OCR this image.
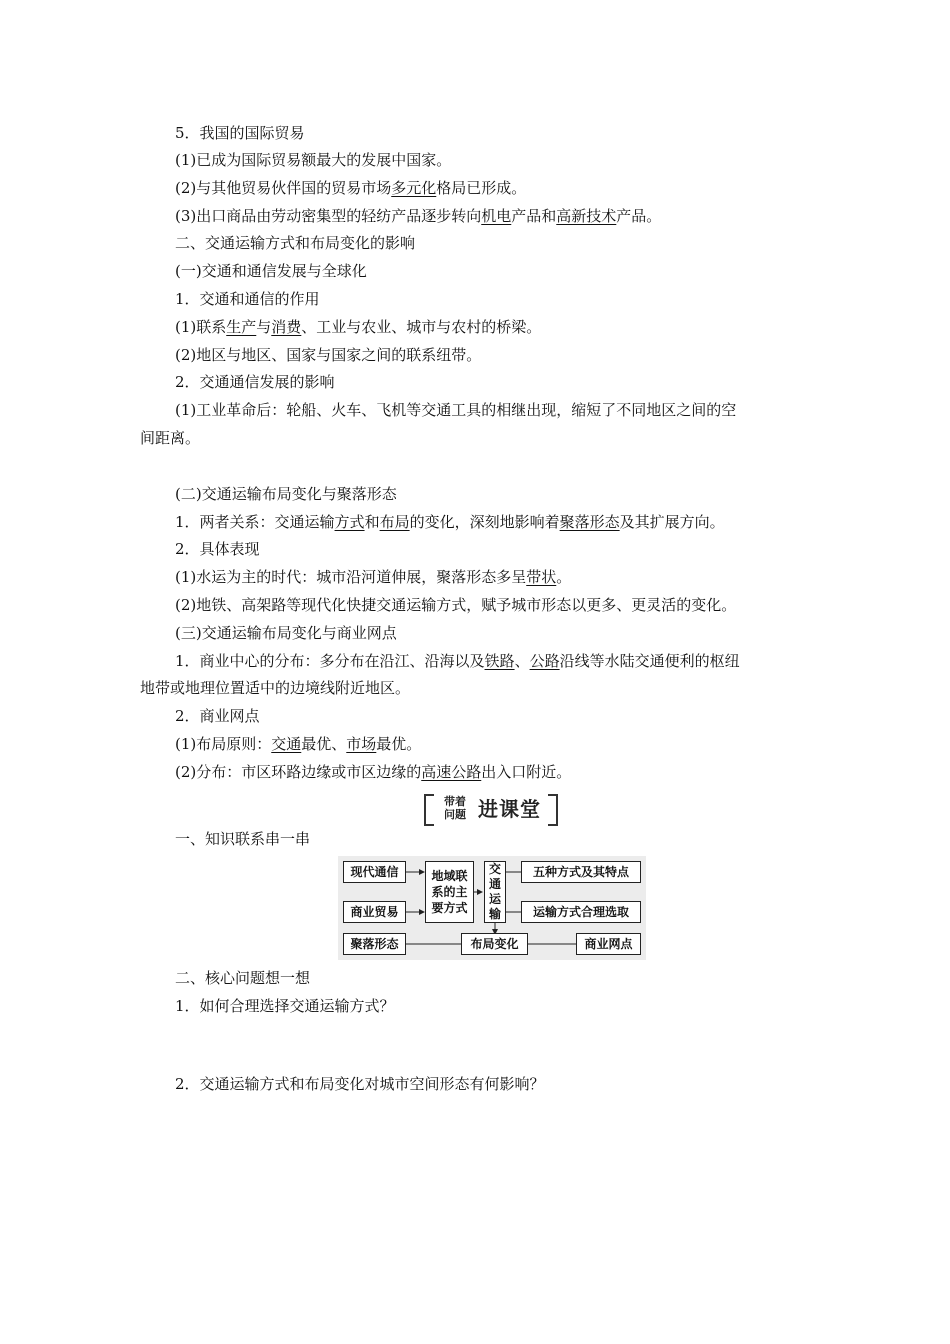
5．我国的国际贸易
(1)已成为国际贸易额最大的发展中国家。
(2)与其他贸易伙伴国的贸易市场多元化格局已形成。
(3)出口商品由劳动密集型的轻纺产品逐步转向机电产品和高新技术产品。
二、交通运输方式和布局变化的影响
(一)交通和通信发展与全球化
1．交通和通信的作用
(1)联系生产与消费、工业与农业、城市与农村的桥梁。
(2)地区与地区、国家与国家之间的联系纽带。
2．交通通信发展的影响
(1)工业革命后：轮船、火车、飞机等交通工具的相继出现，缩短了不同地区之间的空
间距离。
(二)交通运输布局变化与聚落形态
1．两者关系：交通运输方式和布局的变化，深刻地影响着聚落形态及其扩展方向。
2．具体表现
(1)水运为主的时代：城市沿河道伸展，聚落形态多呈带状。
(2)地铁、高架路等现代化快捷交通运输方式，赋予城市形态以更多、更灵活的变化。
(三)交通运输布局变化与商业网点
1．商业中心的分布：多分布在沿江、沿海以及铁路、公路沿线等水陆交通便利的枢纽
地带或地理位置适中的边境线附近地区。
2．商业网点
(1)布局原则：交通最优、市场最优。
(2)分布：市区环路边缘或市区边缘的高速公路出入口附近。
带着
问题 进课堂
一、知识联系串一串
现代通信
商业贸易
聚落形态
地域联系的主要方式
交通运输
五种方式及其特点
运输方式合理选取
布局变化	商业网点
二、核心问题想一想
1．如何合理选择交通运输方式？
2．交通运输方式和布局变化对城市空间形态有何影响？
